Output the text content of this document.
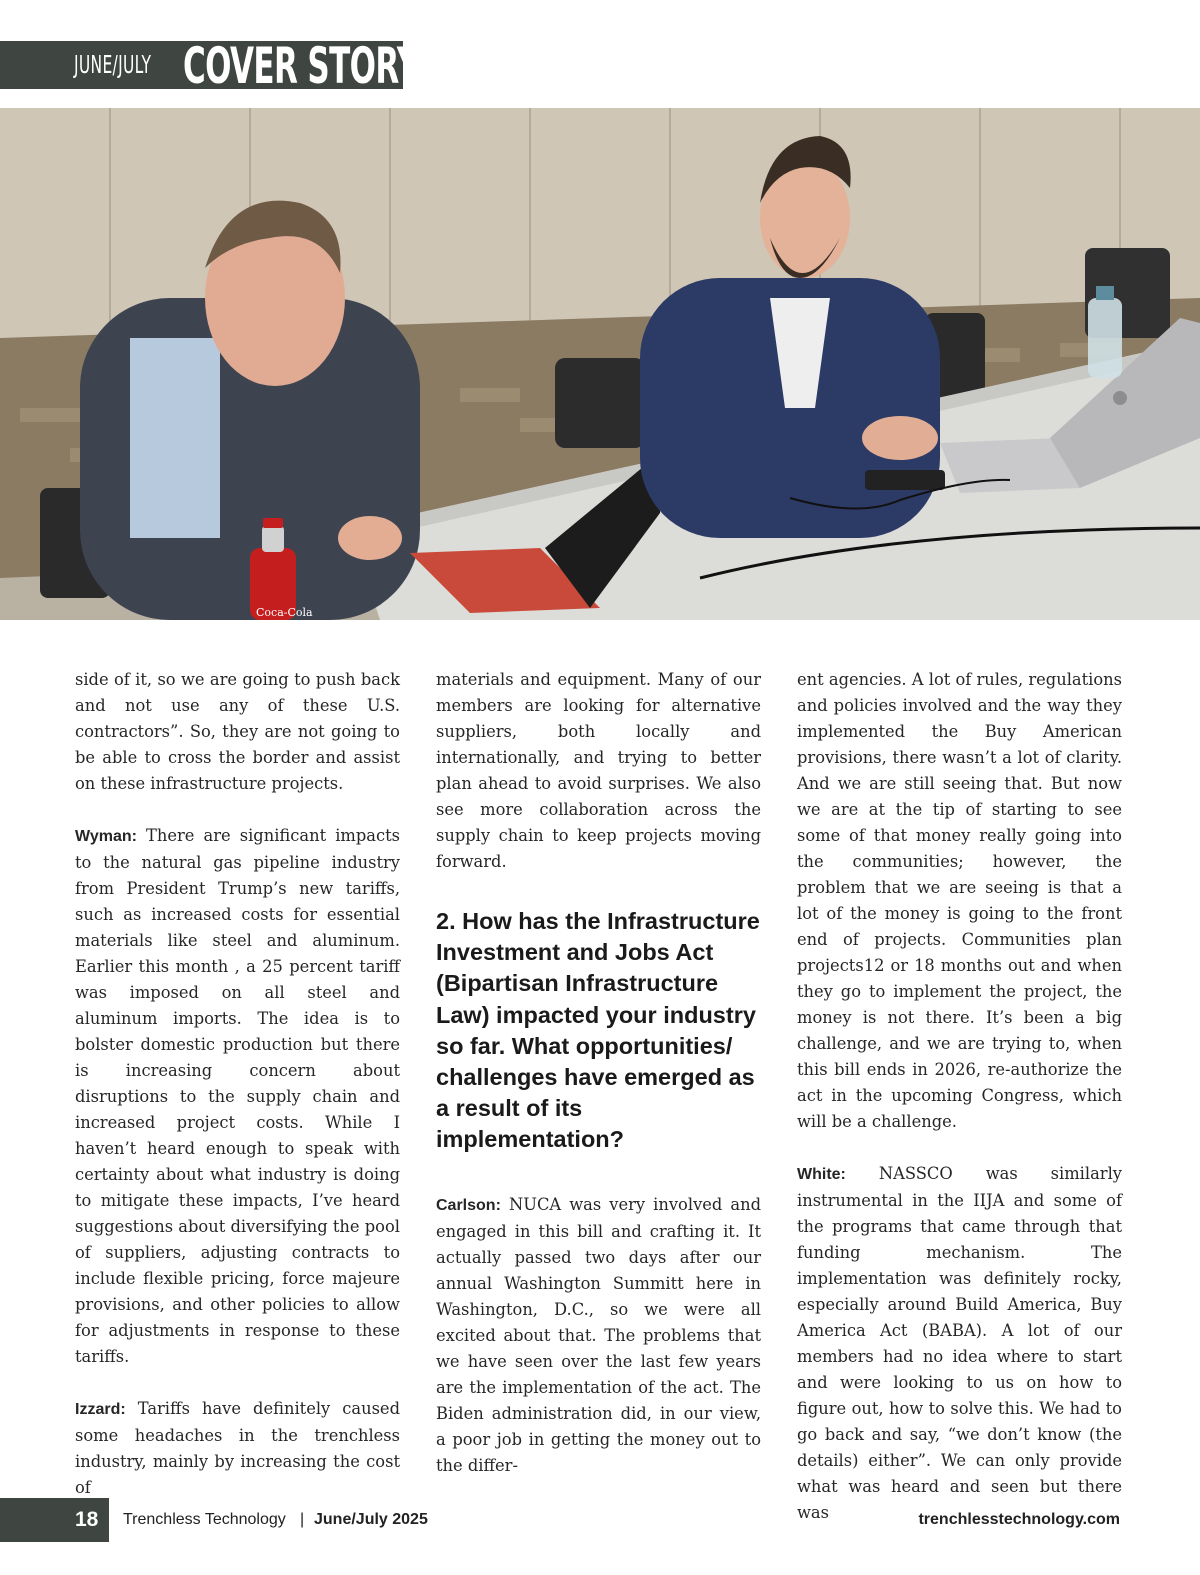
JUNE/JULY COVER STORY
Coca-Cola

side of it, so we are going to push back and not use any of these U.S. contractors”. So, they are not going to be able to cross the border and assist on these infrastructure projects.

Wyman: There are significant impacts to the natural gas pipeline industry from President Trump’s new tariffs, such as increased costs for essential materials like steel and aluminum. Earlier this month , a 25 percent tariff was imposed on all steel and aluminum imports. The idea is to bolster domestic production but there is increasing concern about disruptions to the supply chain and increased project costs. While I haven’t heard enough to speak with certainty about what industry is doing to mitigate these impacts, I’ve heard suggestions about diversifying the pool of suppliers, adjusting contracts to include flexible pricing, force majeure provisions, and other policies to allow for adjustments in response to these tariffs.

Izzard: Tariffs have definitely caused some headaches in the trenchless industry, mainly by increasing the cost of

materials and equipment. Many of our members are looking for alternative suppliers, both locally and internationally, and trying to better plan ahead to avoid surprises. We also see more collaboration across the supply chain to keep projects moving forward.

2. How has the Infrastructure Investment and Jobs Act (Bipartisan Infrastructure Law) impacted your industry so far. What opportunities/ challenges have emerged as a result of its implementation?

Carlson: NUCA was very involved and engaged in this bill and crafting it. It actually passed two days after our annual Washington Summitt here in Washington, D.C., so we were all excited about that. The problems that we have seen over the last few years are the implementation of the act. The Biden administration did, in our view, a poor job in getting the money out to the differ-

ent agencies. A lot of rules, regulations and policies involved and the way they implemented the Buy American provisions, there wasn’t a lot of clarity. And we are still seeing that. But now we are at the tip of starting to see some of that money really going into the communities; however, the problem that we are seeing is that a lot of the money is going to the front end of projects. Communities plan projects12 or 18 months out and when they go to implement the project, the money is not there. It’s been a big challenge, and we are trying to, when this bill ends in 2026, re-authorize the act in the upcoming Congress, which will be a challenge.

White: NASSCO was similarly instrumental in the IIJA and some of the programs that came through that funding mechanism. The implementation was definitely rocky, especially around Build America, Buy America Act (BABA). A lot of our members had no idea where to start and were looking to us on how to figure out, how to solve this. We had to go back and say, “we don’t know (the details) either”. We can only provide what was heard and seen but there was

18 Trenchless Technology | June/July 2025	trenchlesstechnology.com
